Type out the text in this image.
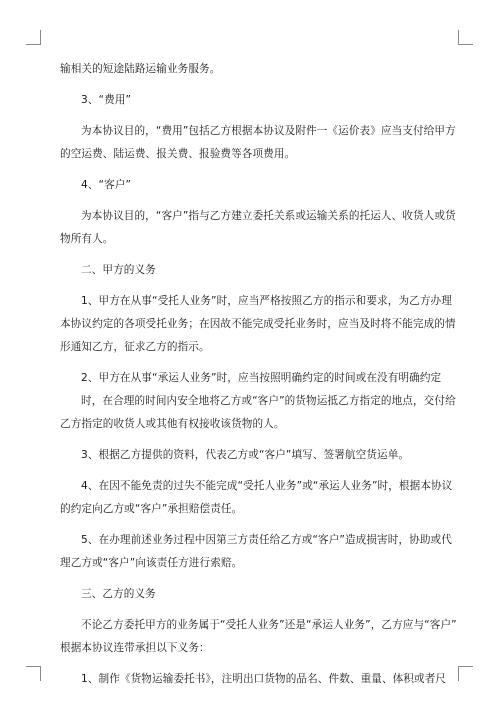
输相关的短途陆路运输业务服务。
3、“费用”
为本协议目的，“费用”包括乙方根据本协议及附件一《运价表》应当支付给甲方
的空运费、陆运费、报关费、报验费等各项费用。
4、“客户”
为本协议目的，“客户”指与乙方建立委托关系或运输关系的托运人、收货人或货
物所有人。
二、甲方的义务
1、甲方在从事“受托人业务”时，应当严格按照乙方的指示和要求，为乙方办理
本协议约定的各项受托业务；在因故不能完成受托业务时，应当及时将不能完成的情
形通知乙方，征求乙方的指示。
2、甲方在从事“承运人业务”时，应当按照明确约定的时间或在没有明确约定
时，在合理的时间内安全地将乙方或“客户”的货物运抵乙方指定的地点，交付给
乙方指定的收货人或其他有权接收该货物的人。
3、根据乙方提供的资料，代表乙方或“客户”填写、签署航空货运单。
4、在因不能免责的过失不能完成“受托人业务”或“承运人业务”时，根据本协议
的约定向乙方或“客户”承担赔偿责任。
5、在办理前述业务过程中因第三方责任给乙方或“客户”造成损害时，协助或代
理乙方或“客户”向该责任方进行索赔。
三、乙方的义务
不论乙方委托甲方的业务属于“受托人业务”还是“承运人业务”，乙方应与“客户”
根据本协议连带承担以下义务：
1、制作《货物运输委托书》，注明出口货物的品名、件数、重量、体积或者尺
